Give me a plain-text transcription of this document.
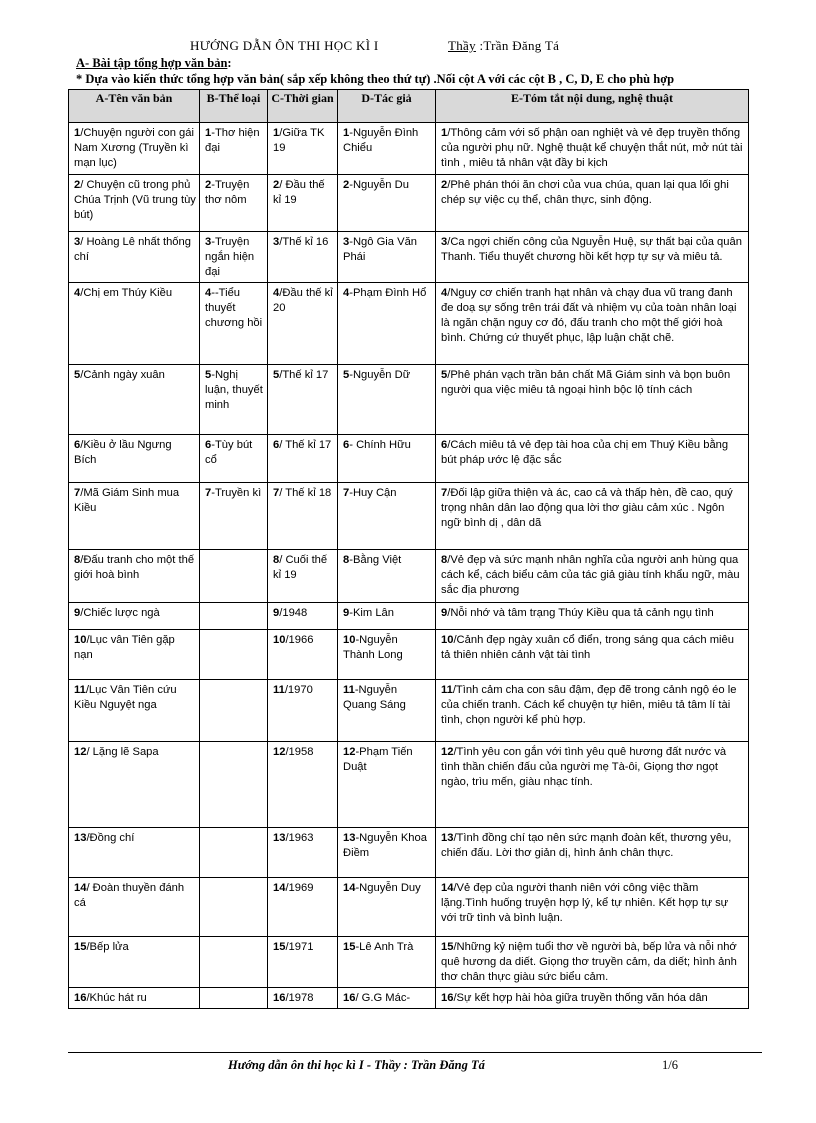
HƯỚNG DẪN ÔN THI HỌC KÌ I	Thầy :Trần Đăng Tá
A- Bài tập tổng hợp văn bản:
* Dựa vào kiến thức tổng hợp văn bản( sắp xếp không theo thứ tự) .Nối cột A với các cột B , C, D, E cho phù hợp
A-Tên văn bản	B-Thể loại	C-Thời gian	D-Tác giả	E-Tóm tắt nội dung, nghệ thuật
1/Chuyện người con gái Nam Xương (Truyền kì mạn lục)	1-Thơ hiện đại	1/Giữa TK 19	1-Nguyễn Đình Chiểu	1/Thông cảm với số phận oan nghiệt và vẻ đẹp truyền thống của người phụ nữ. Nghệ thuật kể chuyện thắt nút, mở nút tài tình , miêu tả nhân vật đầy bi kịch
2/ Chuyện cũ trong phủ Chúa Trịnh (Vũ trung tùy bút)	2-Truyện thơ nôm	2/ Đầu thế kỉ 19	2-Nguyễn Du	2/Phê phán thói ăn chơi của vua chúa, quan lại qua lối ghi chép sự việc cụ thể, chân thực, sinh động.
3/ Hoàng Lê nhất thống chí	3-Truyện ngắn hiện đại	3/Thế kỉ 16	3-Ngô Gia Văn Phái	3/Ca ngợi chiến công của Nguyễn Huệ, sự thất bại của quân Thanh. Tiểu thuyết chương hồi kết hợp tự sự và miêu tả.
4/Chị em Thúy Kiều	4--Tiểu thuyết chương hồi	4/Đầu thế kỉ 20	4-Phạm Đình Hổ	4/Nguy cơ chiến tranh hạt nhân và chạy đua vũ trang đanh đe doạ sự sống trên trái đất và nhiệm vụ của toàn nhân loại là ngăn chặn nguy cơ đó, đấu tranh cho một thế giới hoà bình. Chứng cứ thuyết phục, lập luận chặt chẽ.
5/Cảnh ngày xuân	5-Nghị luận, thuyết minh	5/Thế kỉ 17	5-Nguyễn Dữ	5/Phê phán vạch trần bản chất Mã Giám sinh và bọn buôn người qua việc miêu tả ngoại hình bộc lộ tính cách
6/Kiều ở lầu Ngưng Bích	6-Tùy bút cổ	6/ Thế kỉ 17	6- Chính Hữu	6/Cách miêu tả vẻ đẹp tài hoa của chị em Thuý Kiều bằng bút pháp ước lệ đặc sắc
7/Mã Giám Sinh mua Kiều	7-Truyền kì	7/ Thế kỉ 18	7-Huy Cận	7/Đối lập giữa thiện và ác, cao cả và thấp hèn, đề cao, quý trọng nhân dân lao động qua lời thơ giàu cảm xúc . Ngôn ngữ bình dị , dân dã
8/Đấu tranh cho một thế giới hoà bình		8/ Cuối thế kỉ 19	8-Bằng Việt	8/Vẻ đẹp và sức mạnh nhân nghĩa của người anh hùng qua cách kể, cách biểu cảm của tác giả giàu tính khẩu ngữ, màu sắc địa phương
9/Chiếc lược ngà		9/1948	9-Kim Lân	9/Nỗi nhớ và tâm trạng Thúy Kiều qua tả cảnh ngụ tình
10/Lục vân Tiên gặp nạn		10/1966	10-Nguyễn Thành Long	10/Cảnh đẹp ngày xuân cổ điển, trong sáng qua cách miêu tả thiên nhiên cảnh vật tài tình
11/Lục Vân Tiên cứu Kiều Nguyệt nga		11/1970	11-Nguyễn Quang Sáng	11/Tình cảm cha con sâu đậm, đẹp đẽ trong cảnh ngộ éo le của chiến tranh. Cách kể chuyện tự hiên, miêu tả tâm lí tài tình, chọn người kể phù hợp.
12/ Lặng lẽ Sapa		12/1958	12-Phạm Tiến Duật	12/Tình yêu con gắn với tình yêu quê hương đất nước và tình thần chiến đấu của người mẹ Tà-ôi, Giọng thơ ngọt ngào, trìu mến, giàu nhạc tính.
13/Đồng chí		13/1963	13-Nguyễn Khoa Điềm	13/Tình đồng chí tạo nên sức mạnh đoàn kết, thương yêu, chiến đấu. Lời thơ giản dị, hình ảnh chân thực.
14/ Đoàn thuyền đánh cá		14/1969	14-Nguyễn Duy	14/Vẻ đẹp của người thanh niên với công việc thầm lặng.Tình huống truyện hợp lý, kể tự nhiên. Kết hợp tự sự với trữ tình và bình luận.
15/Bếp lửa		15/1971	15-Lê Anh Trà	15/Những kỷ niệm tuổi thơ về người bà, bếp lửa và nỗi nhớ quê hương da diết. Giọng thơ truyền cảm, da diết; hình ảnh thơ chân thực giàu sức biểu cảm.
16/Khúc hát ru		16/1978	16/ G.G Mác-	16/Sự kết hợp hài hòa giữa truyền thống văn hóa dân
Hướng dẫn ôn thi học kì I - Thầy : Trần Đăng Tá	1/6
